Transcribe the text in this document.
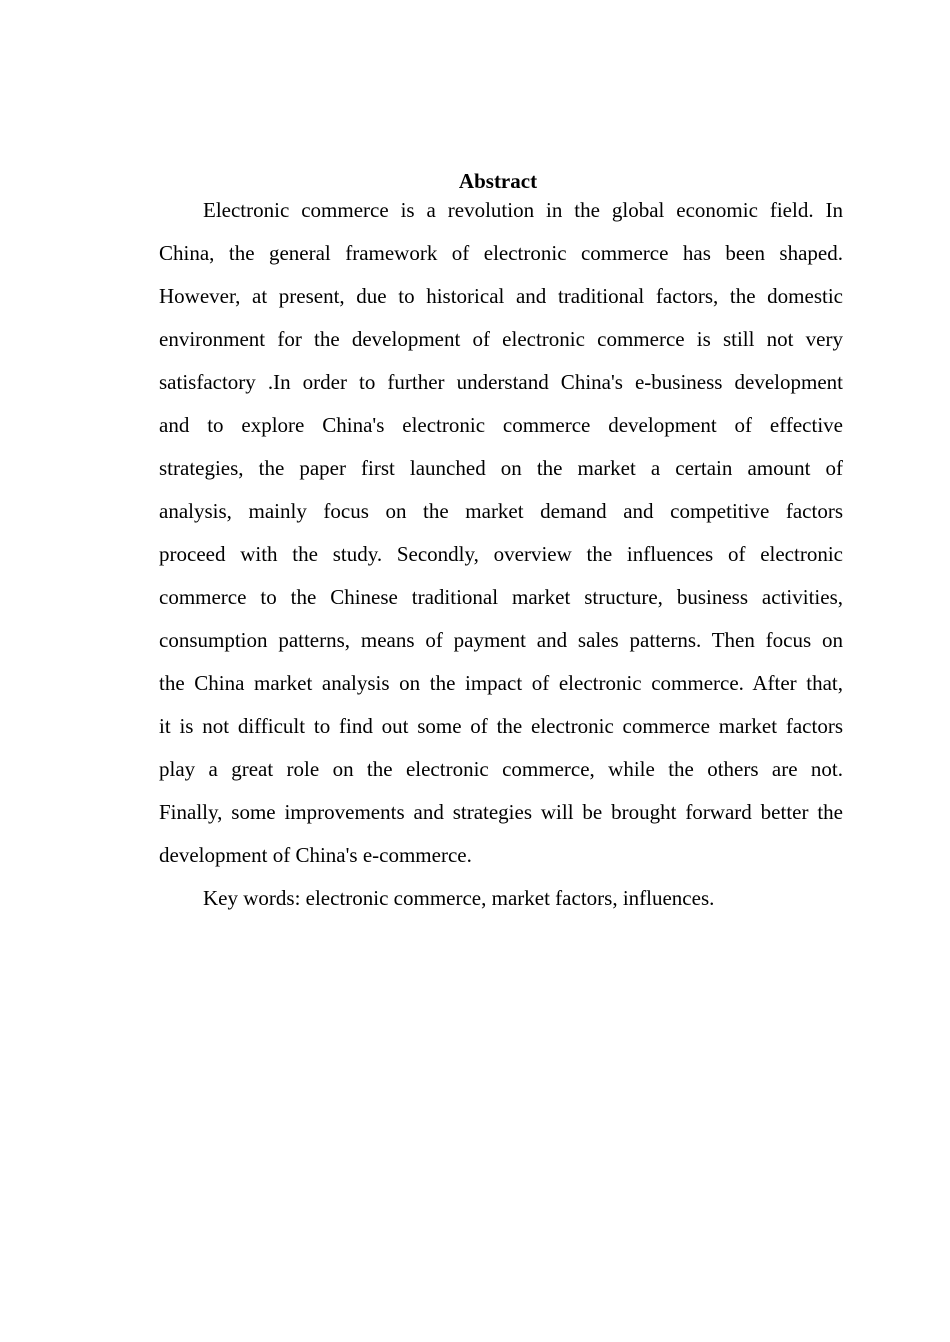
Abstract
Electronic commerce is a revolution in the global economic field. In
China, the general framework of electronic commerce has been shaped.
However, at present, due to historical and traditional factors, the domestic
environment for the development of electronic commerce is still not very
satisfactory .In order to further understand China's e-business development
and to explore China's electronic commerce development of effective
strategies, the paper first launched on the market a certain amount of
analysis, mainly focus on the market demand and competitive factors
proceed with the study. Secondly, overview the influences of electronic
commerce to the Chinese traditional market structure, business activities,
consumption patterns, means of payment and sales patterns. Then focus on
the China market analysis on the impact of electronic commerce. After that,
it is not difficult to find out some of the electronic commerce market factors
play a great role on the electronic commerce, while the others are not.
Finally, some improvements and strategies will be brought forward better the
development of China's e-commerce.
Key words: electronic commerce, market factors, influences.
